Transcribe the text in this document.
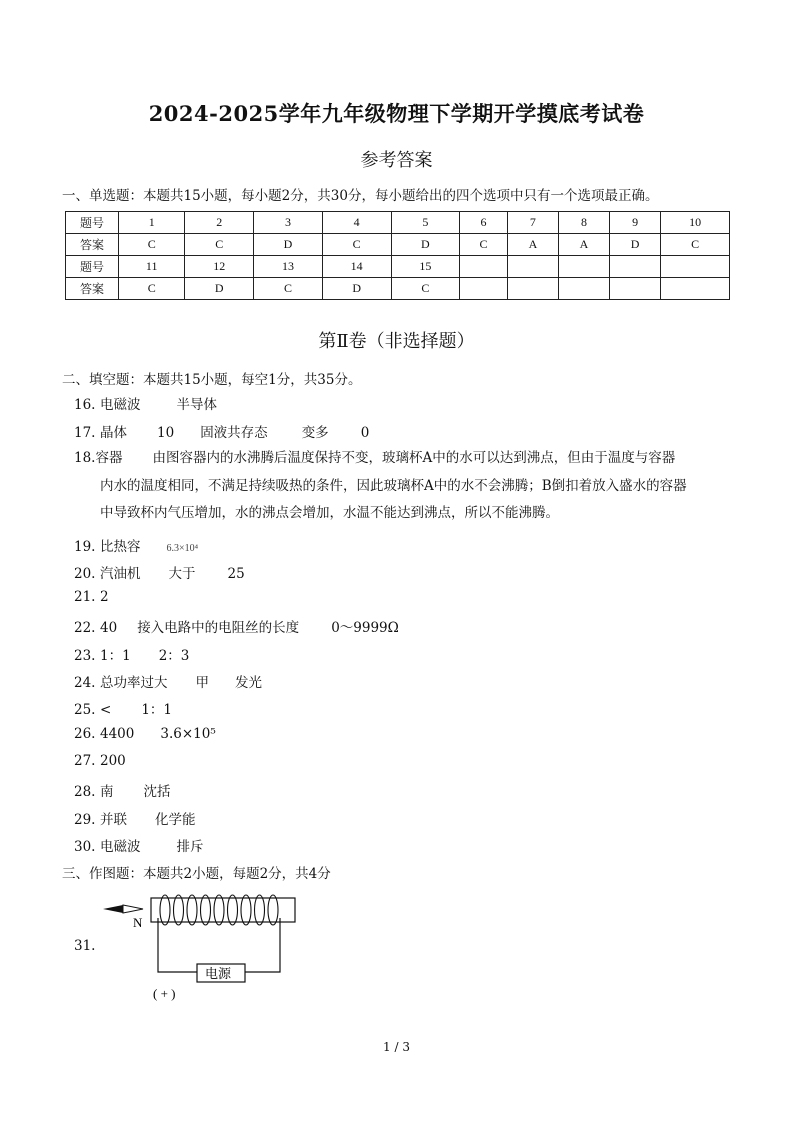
2024-2025学年九年级物理下学期开学摸底考试卷
参考答案
一、单选题：本题共15小题，每小题2分，共30分，每小题给出的四个选项中只有一个选项最正确。
题号	1	2	3	4	5	6	7	8	9	10
答案	C	C	D	C	D	C	A	A	D	C
题号	11	12	13	14	15					
答案	C	D	C	D	C					
第Ⅱ卷（非选择题）
二、填空题：本题共15小题，每空1分，共35分。
16. 电磁波	半导体
17. 晶体 10 固液共存态	变多 0
19. 比热容	6.3×10⁴
20. 汽油机 大于 25
21. 2
22. 40 接入电路中的电阻丝的长度 0～9999Ω
23. 1：1 2：3
24. 总功率过大 甲 发光
25. < 1：1
26. 4400 3.6×10⁵
27. 200
28. 南 沈括
29. 并联 化学能
30. 电磁波	排斥
18.容器 由图容器内的水沸腾后温度保持不变，玻璃杯A中的水可以达到沸点，但由于温度与容器
内水的温度相同，不满足持续吸热的条件，因此玻璃杯A中的水不会沸腾；B倒扣着放入盛水的容器
中导致杯内气压增加，水的沸点会增加，水温不能达到沸点，所以不能沸腾。
三、作图题：本题共2小题，每题2分，共4分
31.
N
电源
( + )
1 / 3
